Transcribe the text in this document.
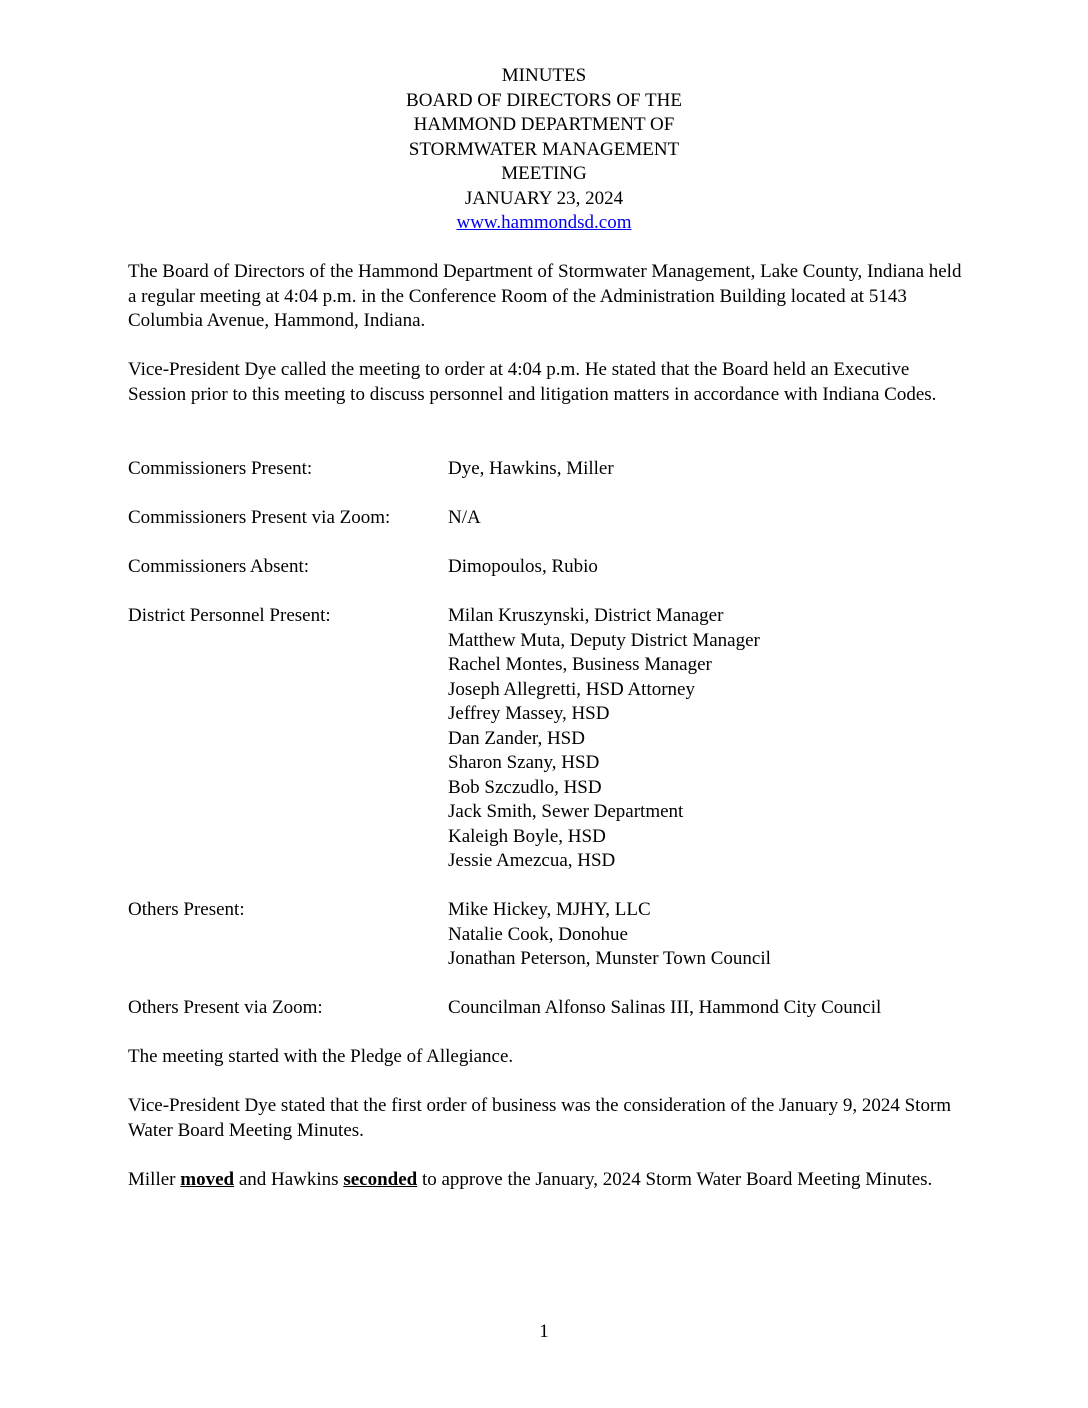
MINUTES
BOARD OF DIRECTORS OF THE
HAMMOND DEPARTMENT OF
STORMWATER MANAGEMENT
MEETING
JANUARY 23, 2024
www.hammondsd.com

The Board of Directors of the Hammond Department of Stormwater Management, Lake County, Indiana held a regular meeting at 4:04 p.m. in the Conference Room of the Administration Building located at 5143 Columbia Avenue, Hammond, Indiana.

Vice-President Dye called the meeting to order at 4:04 p.m. He stated that the Board held an Executive Session prior to this meeting to discuss personnel and litigation matters in accordance with Indiana Codes.

Commissioners Present:	Dye, Hawkins, Miller
Commissioners Present via Zoom:	N/A
Commissioners Absent:	Dimopoulos, Rubio
District Personnel Present:	Milan Kruszynski, District Manager
Matthew Muta, Deputy District Manager
Rachel Montes, Business Manager
Joseph Allegretti, HSD Attorney
Jeffrey Massey, HSD
Dan Zander, HSD
Sharon Szany, HSD
Bob Szczudlo, HSD
Jack Smith, Sewer Department
Kaleigh Boyle, HSD
Jessie Amezcua, HSD
Others Present:	Mike Hickey, MJHY, LLC
Natalie Cook, Donohue
Jonathan Peterson, Munster Town Council
Others Present via Zoom:	Councilman Alfonso Salinas III, Hammond City Council

The meeting started with the Pledge of Allegiance.

Vice-President Dye stated that the first order of business was the consideration of the January 9, 2024 Storm Water Board Meeting Minutes.

Miller moved and Hawkins seconded to approve the January, 2024 Storm Water Board Meeting Minutes.

1
